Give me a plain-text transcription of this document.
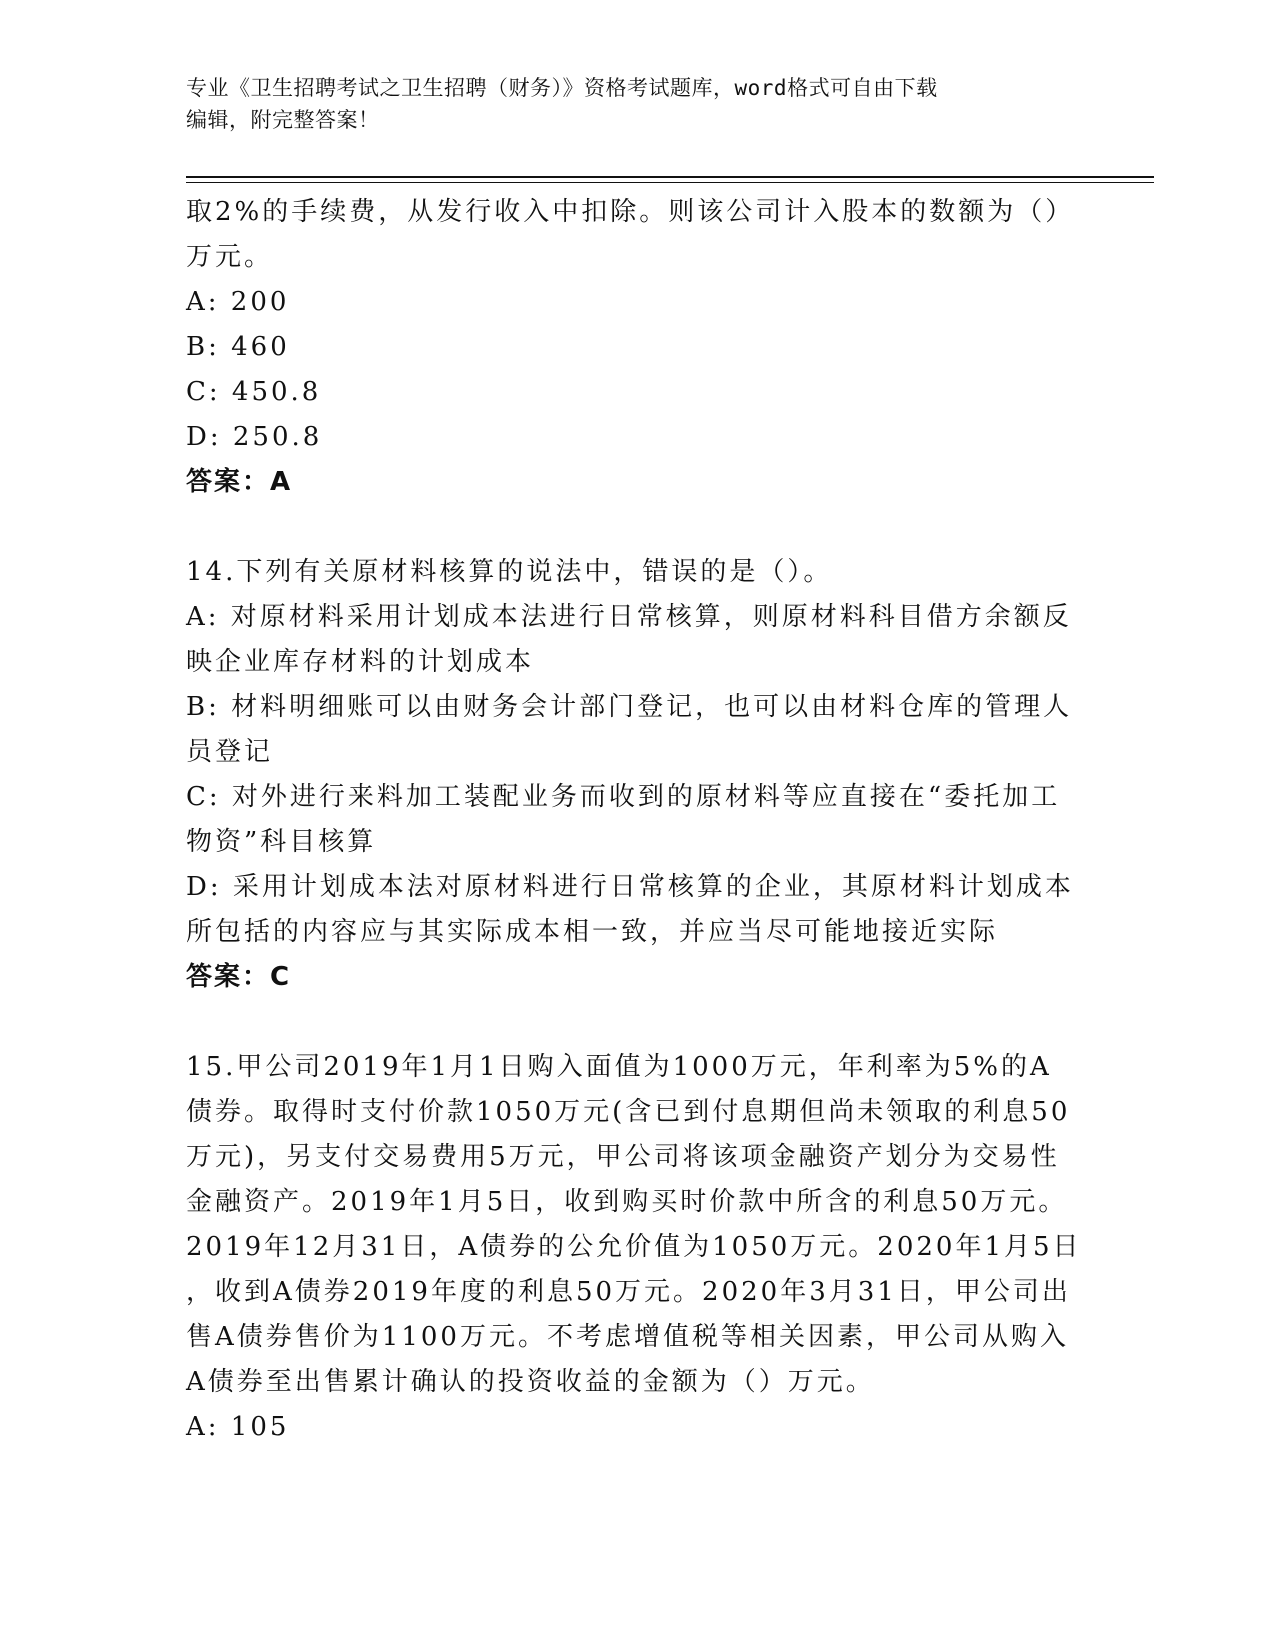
专业《卫生招聘考试之卫生招聘（财务）》资格考试题库，word格式可自由下载
编辑，附完整答案！
取2%的手续费，从发行收入中扣除。则该公司计入股本的数额为（）
万元。
A: 200
B: 460
C: 450.8
D: 250.8
答案：A
14.下列有关原材料核算的说法中，错误的是（）。
A: 对原材料采用计划成本法进行日常核算，则原材料科目借方余额反
映企业库存材料的计划成本
B: 材料明细账可以由财务会计部门登记，也可以由材料仓库的管理人
员登记
C: 对外进行来料加工装配业务而收到的原材料等应直接在“委托加工
物资”科目核算
D: 采用计划成本法对原材料进行日常核算的企业，其原材料计划成本
所包括的内容应与其实际成本相一致，并应当尽可能地接近实际
答案：C
15.甲公司2019年1月1日购入面值为1000万元，年利率为5%的A
债券。取得时支付价款1050万元(含已到付息期但尚未领取的利息50
万元)，另支付交易费用5万元，甲公司将该项金融资产划分为交易性
金融资产。2019年1月5日，收到购买时价款中所含的利息50万元。
2019年12月31日，A债券的公允价值为1050万元。2020年1月5日
，收到A债券2019年度的利息50万元。2020年3月31日，甲公司出
售A债券售价为1100万元。不考虑增值税等相关因素，甲公司从购入
A债券至出售累计确认的投资收益的金额为（）万元。
A: 105
